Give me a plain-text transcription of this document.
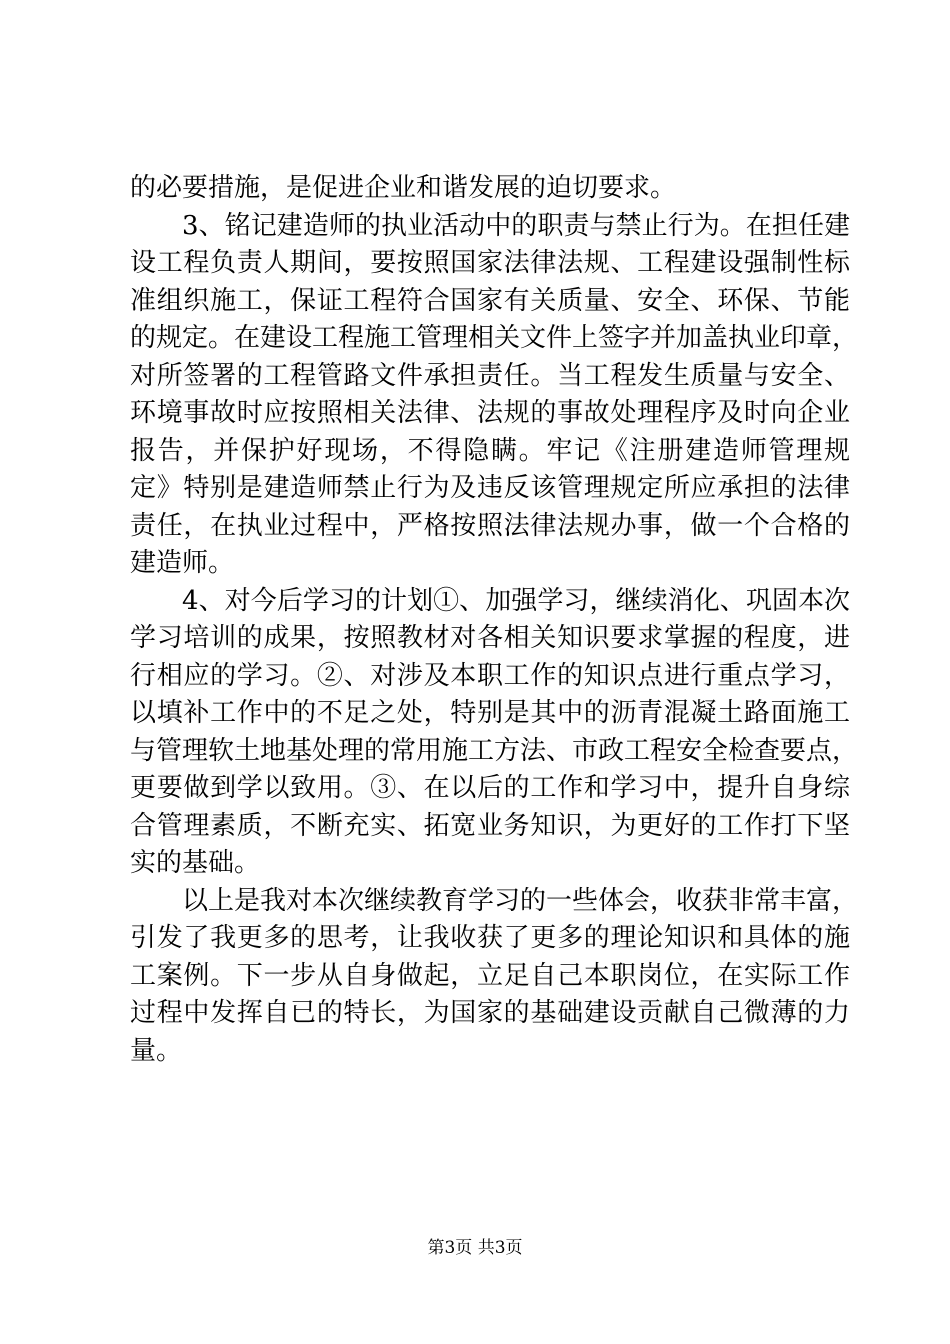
的必要措施，是促进企业和谐发展的迫切要求。
3、铭记建造师的执业活动中的职责与禁止行为。在担任建
设工程负责人期间，要按照国家法律法规、工程建设强制性标
准组织施工，保证工程符合国家有关质量、安全、环保、节能
的规定。在建设工程施工管理相关文件上签字并加盖执业印章，
对所签署的工程管路文件承担责任。当工程发生质量与安全、
环境事故时应按照相关法律、法规的事故处理程序及时向企业
报告，并保护好现场，不得隐瞒。牢记《注册建造师管理规
定》特别是建造师禁止行为及违反该管理规定所应承担的法律
责任，在执业过程中，严格按照法律法规办事，做一个合格的
建造师。
4、对今后学习的计划①、加强学习，继续消化、巩固本次
学习培训的成果，按照教材对各相关知识要求掌握的程度，进
行相应的学习。②、对涉及本职工作的知识点进行重点学习，
以填补工作中的不足之处，特别是其中的沥青混凝土路面施工
与管理软土地基处理的常用施工方法、市政工程安全检查要点，
更要做到学以致用。③、在以后的工作和学习中，提升自身综
合管理素质，不断充实、拓宽业务知识，为更好的工作打下坚
实的基础。
以上是我对本次继续教育学习的一些体会，收获非常丰富，
引发了我更多的思考，让我收获了更多的理论知识和具体的施
工案例。下一步从自身做起，立足自己本职岗位，在实际工作
过程中发挥自已的特长，为国家的基础建设贡献自己微薄的力
量。
第3页 共3页
